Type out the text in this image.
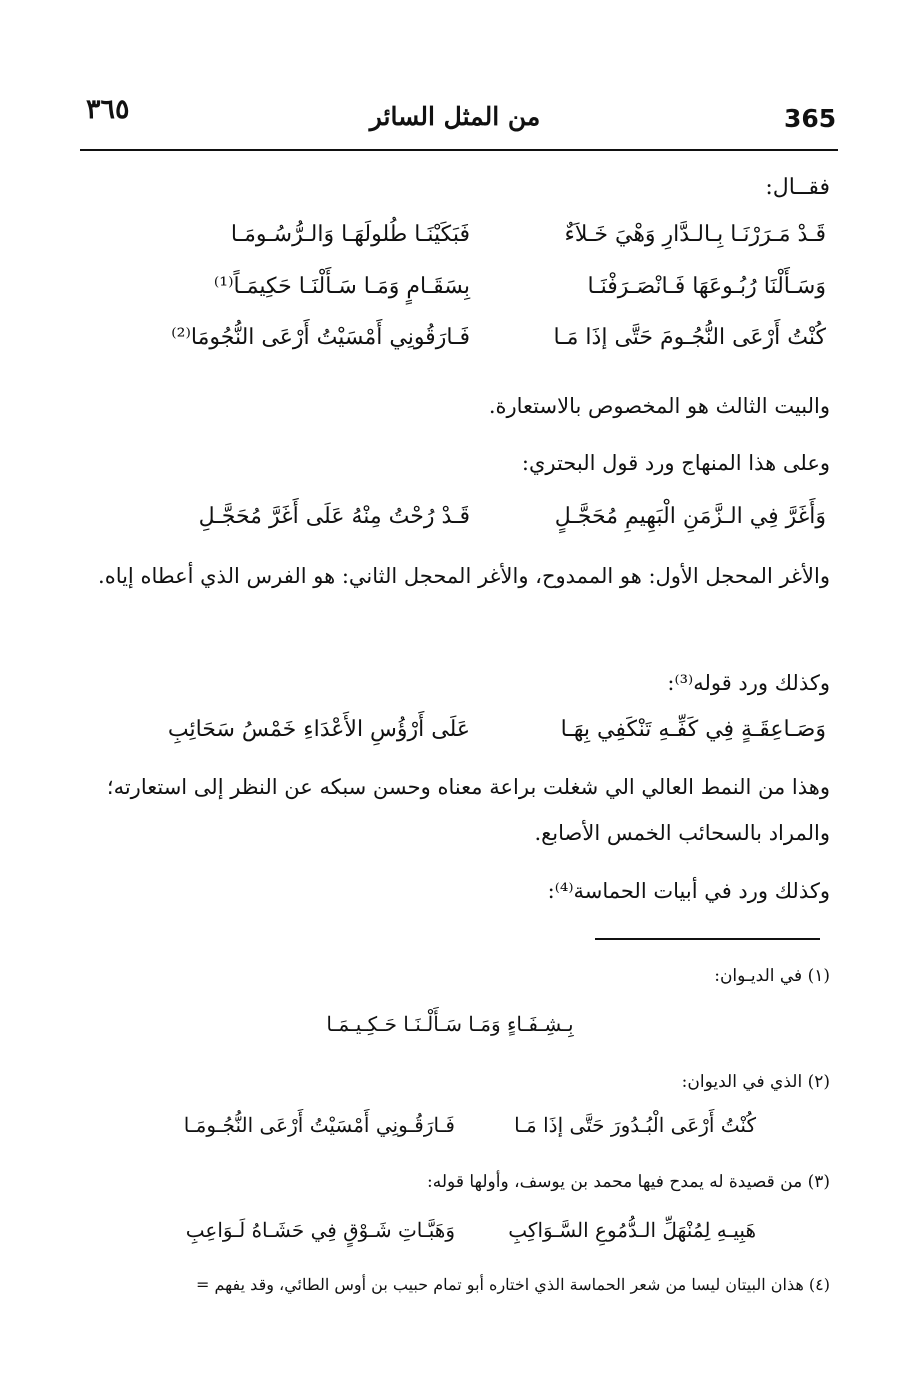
365
من المثل السائر
٣٦٥
فقــال:
قَـدْ مَـرَرْنَـا بِـالـدَّارِ وَهْيَ خَـلاَءٌ
فَبَكَيْنَـا طُلولَهَـا وَالـرُّسُـومَـا
وَسَـأَلْنَا رُبُـوعَهَا فَـانْصَـرَفْنَـا
بِسَقَـامٍ وَمَـا سَـأَلْنَـا حَكِيمَـاً⁽¹⁾
كُنْتُ أَرْعَى النُّجُـومَ حَتَّى إذَا مَـا
فَـارَقُونِي أَمْسَيْتُ أَرْعَى النُّجُومَا⁽²⁾
والبيت الثالث هو المخصوص بالاستعارة.
وعلى هذا المنهاج ورد قول البحتري:
وَأَغَرَّ فِي الـزَّمَنِ الْبَهِيمِ مُحَجَّـلٍ
قَـدْ رُحْتُ مِنْهُ عَلَى أَغَرَّ مُحَجَّـلِ
والأغر المحجل الأول: هو الممدوح، والأغر المحجل الثاني: هو الفرس الذي أعطاه إياه.
وكذلك ورد قوله⁽³⁾:
وَصَـاعِقَـةٍ فِي كَفِّـهِ تَنْكَفِي بِهَـا
عَلَى أَرْؤُسِ الأَعْدَاءِ خَمْسُ سَحَائِبِ
وهذا من النمط العالي الي شغلت براعة معناه وحسن سبكه عن النظر إلى استعارته؛ والمراد بالسحائب الخمس الأصابع.
وكذلك ورد في أبيات الحماسة⁽⁴⁾:
(١) في الديـوان:
بِـشِـفَـاءٍ وَمَـا سَـأَلْـنَـا حَـكِـيـمَـا
(٢) الذي في الديوان:
كُنْتُ أَرْعَى الْبُـدُورَ حَتَّى إذَا مَـا
فَـارَقُـونِي أَمْسَيْتُ أَرْعَى النُّجُـومَـا
(٣) من قصيدة له يمدح فيها محمد بن يوسف، وأولها قوله:
هَبِيـهِ لِمُنْهَلِّ الـدُّمُوعِ السَّـوَاكِبِ
وَهَبَّـاتِ شَـوْقٍ فِي حَشَـاهُ لَـوَاعِبِ
(٤) هذان البيتان ليسا من شعر الحماسة الذي اختاره أبو تمام حبيب بن أوس الطائي، وقد يفهم =
